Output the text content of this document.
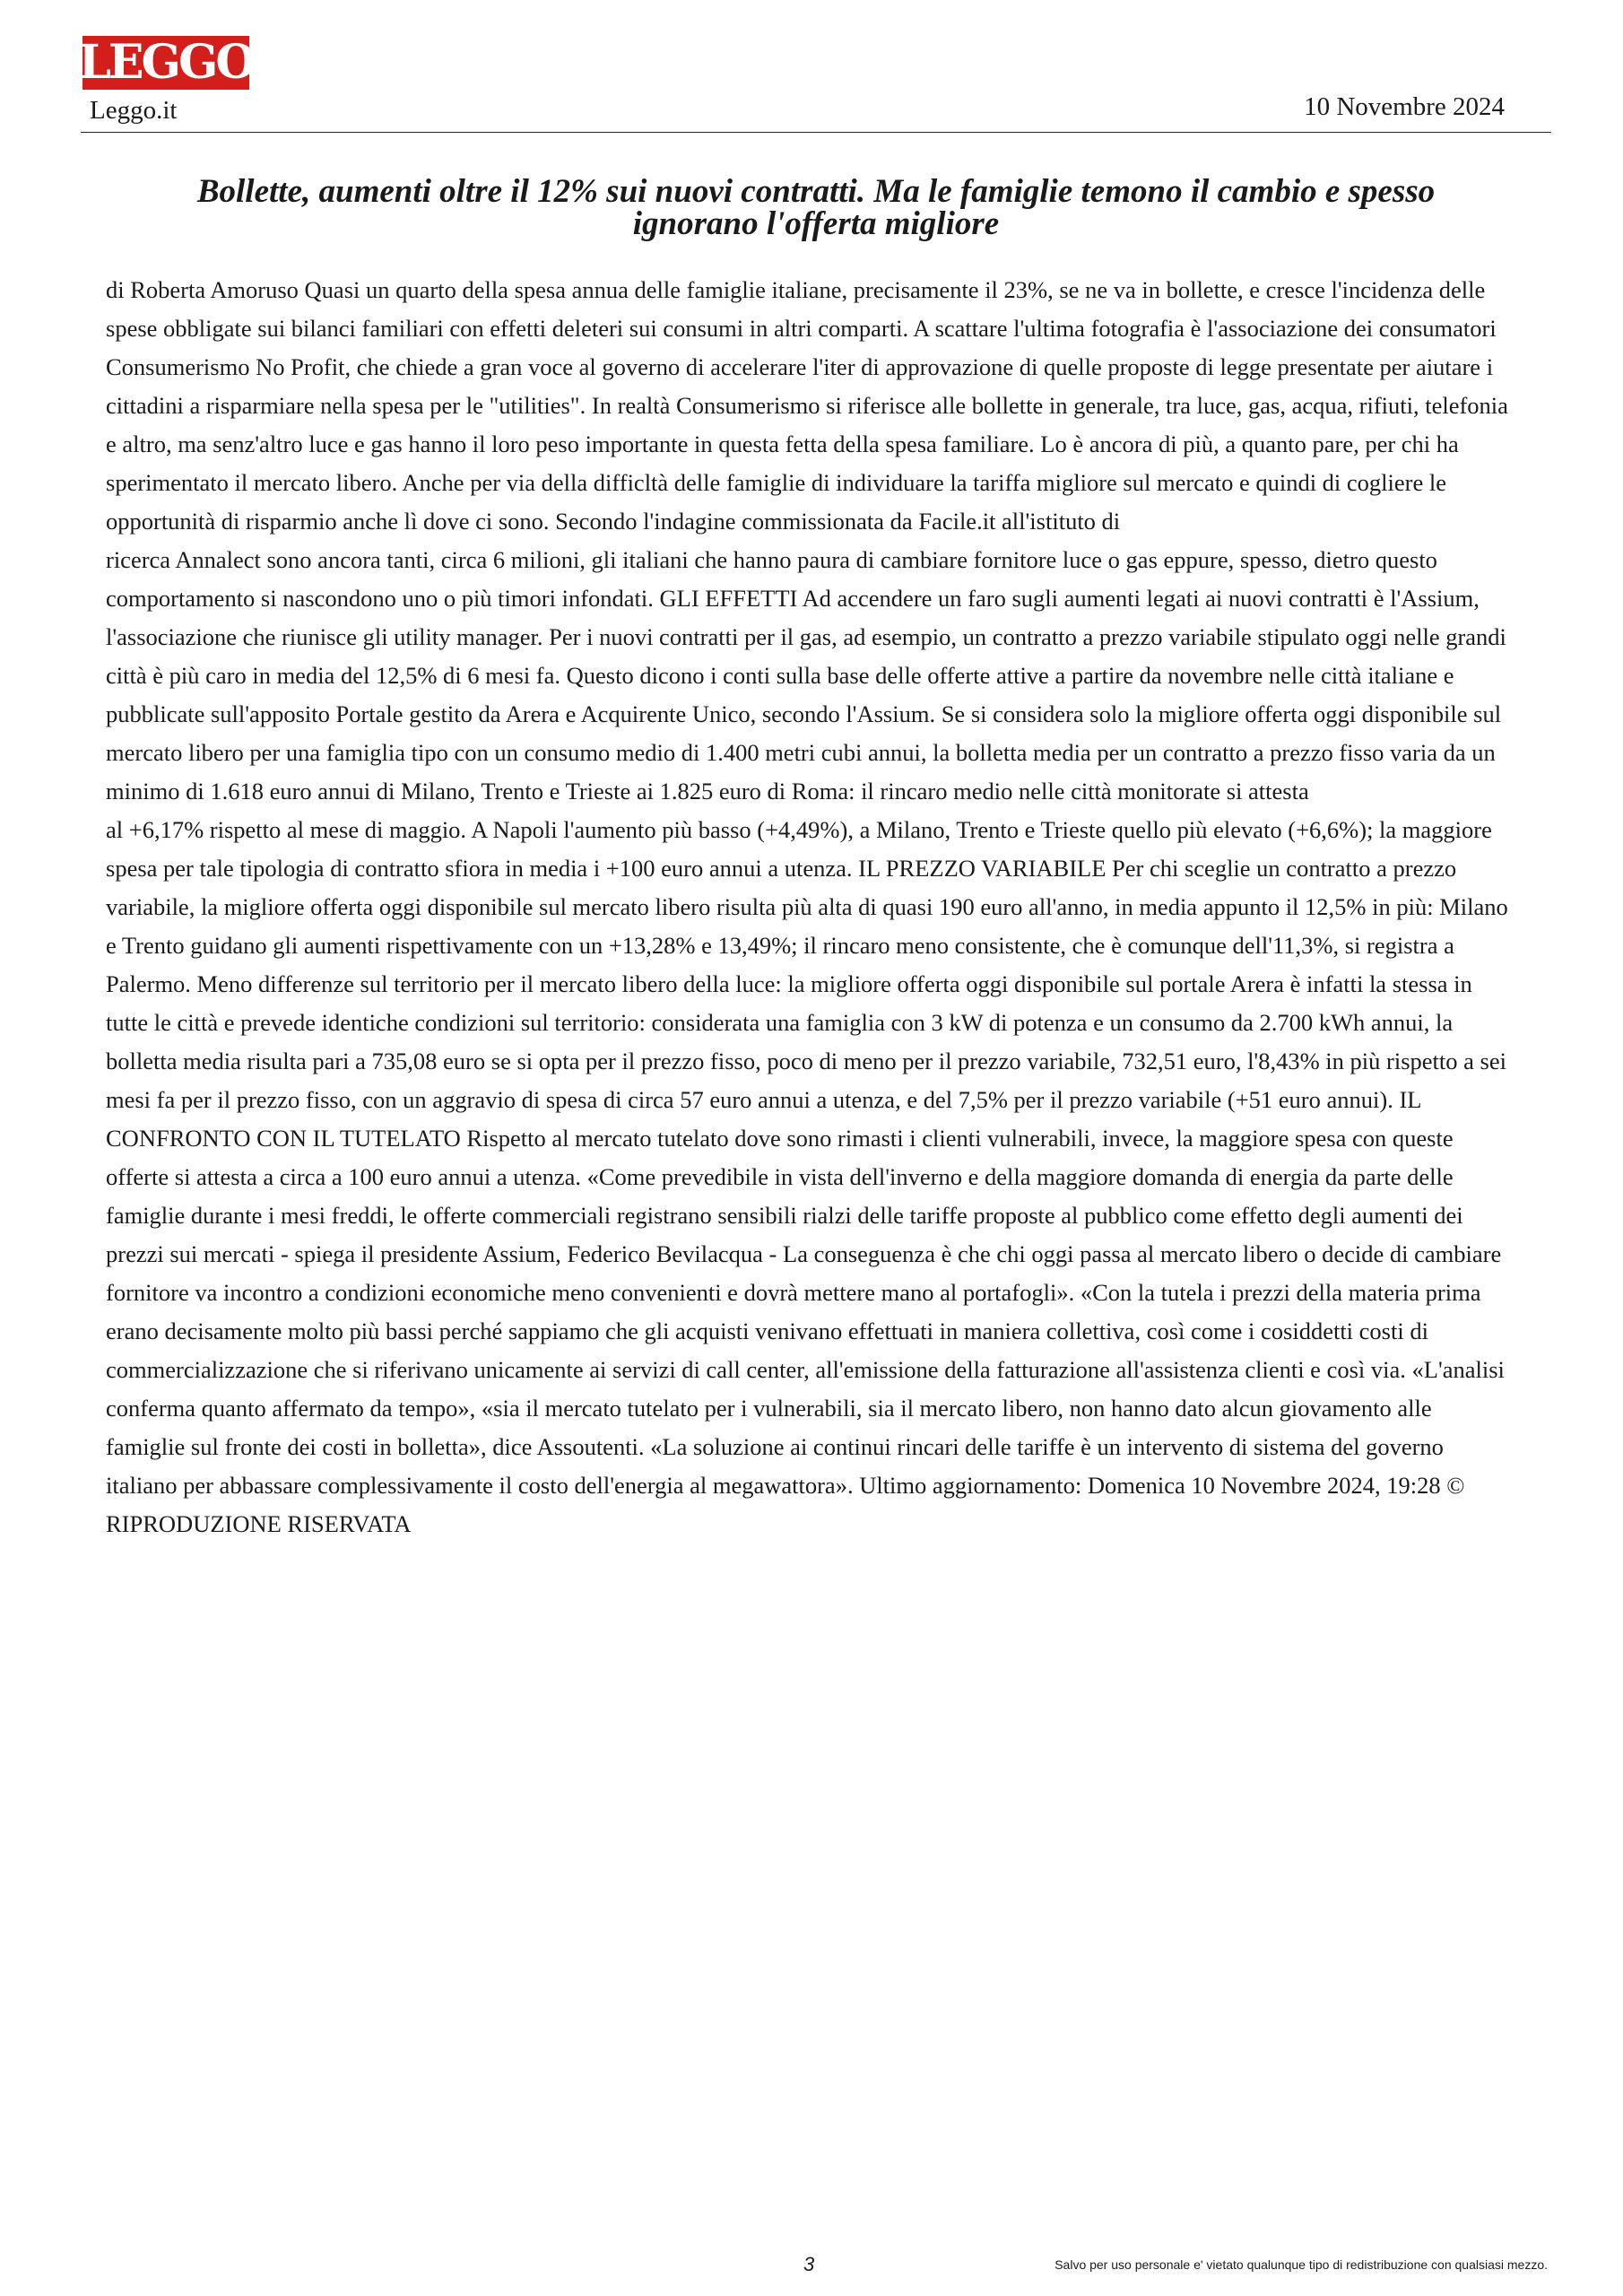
LEGGO
Leggo.it	10 Novembre 2024
Bollette, aumenti oltre il 12% sui nuovi contratti. Ma le famiglie temono il cambio e spesso ignorano l'offerta migliore
di Roberta Amoruso Quasi un quarto della spesa annua delle famiglie italiane, precisamente il 23%, se ne va in bollette, e cresce l'incidenza delle spese obbligate sui bilanci familiari con effetti deleteri sui consumi in altri comparti. A scattare l'ultima fotografia è l'associazione dei consumatori Consumerismo No Profit, che chiede a gran voce al governo di accelerare l'iter di approvazione di quelle proposte di legge presentate per aiutare i cittadini a risparmiare nella spesa per le "utilities". In realtà Consumerismo si riferisce alle bollette in generale, tra luce, gas, acqua, rifiuti, telefonia e altro, ma senz'altro luce e gas hanno il loro peso importante in questa fetta della spesa familiare. Lo è ancora di più, a quanto pare, per chi ha sperimentato il mercato libero. Anche per via della difficltà delle famiglie di individuare la tariffa migliore sul mercato e quindi di cogliere le opportunità di risparmio anche lì dove ci sono. Secondo l'indagine commissionata da Facile.it all'istituto di
ricerca Annalect sono ancora tanti, circa 6 milioni, gli italiani che hanno paura di cambiare fornitore luce o gas eppure, spesso, dietro questo comportamento si nascondono uno o più timori infondati. GLI EFFETTI Ad accendere un faro sugli aumenti legati ai nuovi contratti è l'Assium, l'associazione che riunisce gli utility manager. Per i nuovi contratti per il gas, ad esempio, un contratto a prezzo variabile stipulato oggi nelle grandi città è più caro in media del 12,5% di 6 mesi fa. Questo dicono i conti sulla base delle offerte attive a partire da novembre nelle città italiane e pubblicate sull'apposito Portale gestito da Arera e Acquirente Unico, secondo l'Assium. Se si considera solo la migliore offerta oggi disponibile sul mercato libero per una famiglia tipo con un consumo medio di 1.400 metri cubi annui, la bolletta media per un contratto a prezzo fisso varia da un minimo di 1.618 euro annui di Milano, Trento e Trieste ai 1.825 euro di Roma: il rincaro medio nelle città monitorate si attesta
al +6,17% rispetto al mese di maggio. A Napoli l'aumento più basso (+4,49%), a Milano, Trento e Trieste quello più elevato (+6,6%); la maggiore spesa per tale tipologia di contratto sfiora in media i +100 euro annui a utenza. IL PREZZO VARIABILE Per chi sceglie un contratto a prezzo variabile, la migliore offerta oggi disponibile sul mercato libero risulta più alta di quasi 190 euro all'anno, in media appunto il 12,5% in più: Milano e Trento guidano gli aumenti rispettivamente con un +13,28% e 13,49%; il rincaro meno consistente, che è comunque dell'11,3%, si registra a Palermo. Meno differenze sul territorio per il mercato libero della luce: la migliore offerta oggi disponibile sul portale Arera è infatti la stessa in tutte le città e prevede identiche condizioni sul territorio: considerata una famiglia con 3 kW di potenza e un consumo da 2.700 kWh annui, la bolletta media risulta pari a 735,08 euro se si opta per il prezzo fisso, poco di meno per il prezzo variabile, 732,51 euro, l'8,43% in più rispetto a sei mesi fa per il prezzo fisso, con un aggravio di spesa di circa 57 euro annui a utenza, e del 7,5% per il prezzo variabile (+51 euro annui). IL CONFRONTO CON IL TUTELATO Rispetto al mercato tutelato dove sono rimasti i clienti vulnerabili, invece, la maggiore spesa con queste offerte si attesta a circa a 100 euro annui a utenza. «Come prevedibile in vista dell'inverno e della maggiore domanda di energia da parte delle famiglie durante i mesi freddi, le offerte commerciali registrano sensibili rialzi delle tariffe proposte al pubblico come effetto degli aumenti dei prezzi sui mercati - spiega il presidente Assium, Federico Bevilacqua - La conseguenza è che chi oggi passa al mercato libero o decide di cambiare fornitore va incontro a condizioni economiche meno convenienti e dovrà mettere mano al portafogli». «Con la tutela i prezzi della materia prima erano decisamente molto più bassi perché sappiamo che gli acquisti venivano effettuati in maniera collettiva, così come i cosiddetti costi di commercializzazione che si riferivano unicamente ai servizi di call center, all'emissione della fatturazione all'assistenza clienti e così via. «L'analisi conferma quanto affermato da tempo», «sia il mercato tutelato per i vulnerabili, sia il mercato libero, non hanno dato alcun giovamento alle famiglie sul fronte dei costi in bolletta», dice Assoutenti. «La soluzione ai continui rincari delle tariffe è un intervento di sistema del governo italiano per abbassare complessivamente il costo dell'energia al megawattora». Ultimo aggiornamento: Domenica 10 Novembre 2024, 19:28 © RIPRODUZIONE RISERVATA
3	Salvo per uso personale e' vietato qualunque tipo di redistribuzione con qualsiasi mezzo.
